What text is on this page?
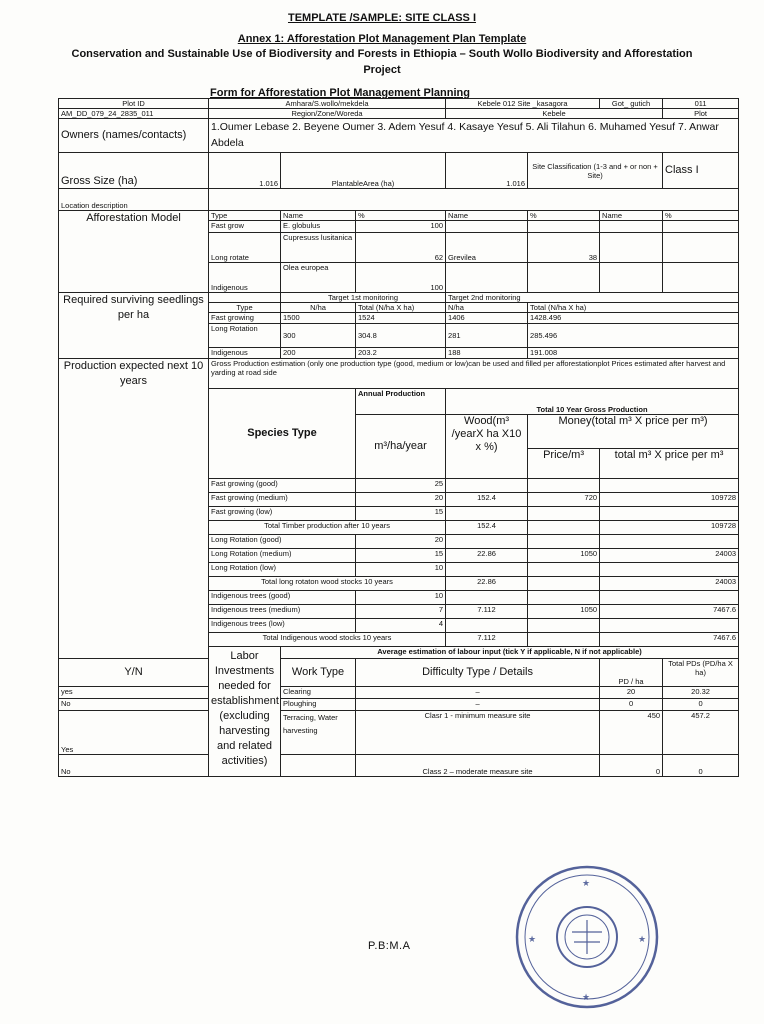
TEMPLATE /SAMPLE: SITE CLASS I
Annex 1: Afforestation Plot Management Plan Template
Conservation and Sustainable Use of Biodiversity and Forests in Ethiopia – South Wollo Biodiversity and Afforestation Project
Form for Afforestation Plot Management Planning
Plot ID	Amhara/S.wollo/mekdela			Kebele 012 Site _kasagora		Got_ gutich	011
AM_DD_079_24_2835_011	Region/Zone/Woreda			Kebele			Plot
Owners (names/contacts)	1.Oumer Lebase 2. Beyene Oumer 3. Adem Yesuf 4. Kasaye Yesuf 5. Ali Tilahun 6. Muhamed Yesuf 7. Anwar Abdela						
Gross Size (ha)	1.016	PlantableArea (ha)		1.016	Site Classification (1-3 and + or non + Site)		Class I
Location description							
Afforestation Model	Type	Name	%	Name	%	Name	%
	Fast grow	E. globulus	100				
	Long rotate	Cupresuss lusitanica	62	Grevilea	38		
	Indigenous	Olea europea	100				
Required surviving seedlings per ha		Target 1st monitoring		Target 2nd monitoring			
	Type	N/ha	Total (N/ha X ha)	N/ha	Total (N/ha X ha)		
	Fast growing	1500	1524	1406	1428.496		
	Long Rotation	300	304.8	281	285.496		
	Indigenous	200	203.2	188	191.008		
Production expected next 10 years	Gross Production estimation (only one production type (good, medium or low)can be used and filled per afforestationplot Prices estimated after harvest and yarding at road side						
	Species Type		Annual Production	Total 10 Year Gross Production			
			m³/ha/year	Wood(m³ /yearX ha X10 x %)	Money(total m³ X price per m³)		
					Price/m³	total m³ X price per m³	
	Fast growing (good)		25				
	Fast growing (medium)		20	152.4	720	109728	
	Fast growing (low)		15				
	Total Timber production after 10 years			152.4		109728	
	Long Rotation (good)		20				
	Long Rotation (medium)		15	22.86	1050	24003	
	Long Rotation (low)		10				
	Total long rotaton wood stocks 10 years			22.86		24003	
	Indigenous trees (good)		10				
	Indigenous trees (medium)		7	7.112	1050	7467.6	
	Indigenous trees (low)		4				
	Total Indigenous wood stocks 10 years			7.112		7467.6	
	Labor Investments needed for establishment (excluding harvesting and related activities)	Average estimation of labour input (tick Y if applicable, N if not applicable)					
Y/N		Work Type	Difficulty Type / Details			PD / ha	Total PDs (PD/ha X ha)
yes		Clearing	–			20	20.32
No		Ploughing	–			0	0
Yes		Terracing, Water harvesting	Clasr 1 - minimum measure site			450	457.2
No			Class 2 – moderate measure site			0	0
P.B:M.A
★
★
★
★
